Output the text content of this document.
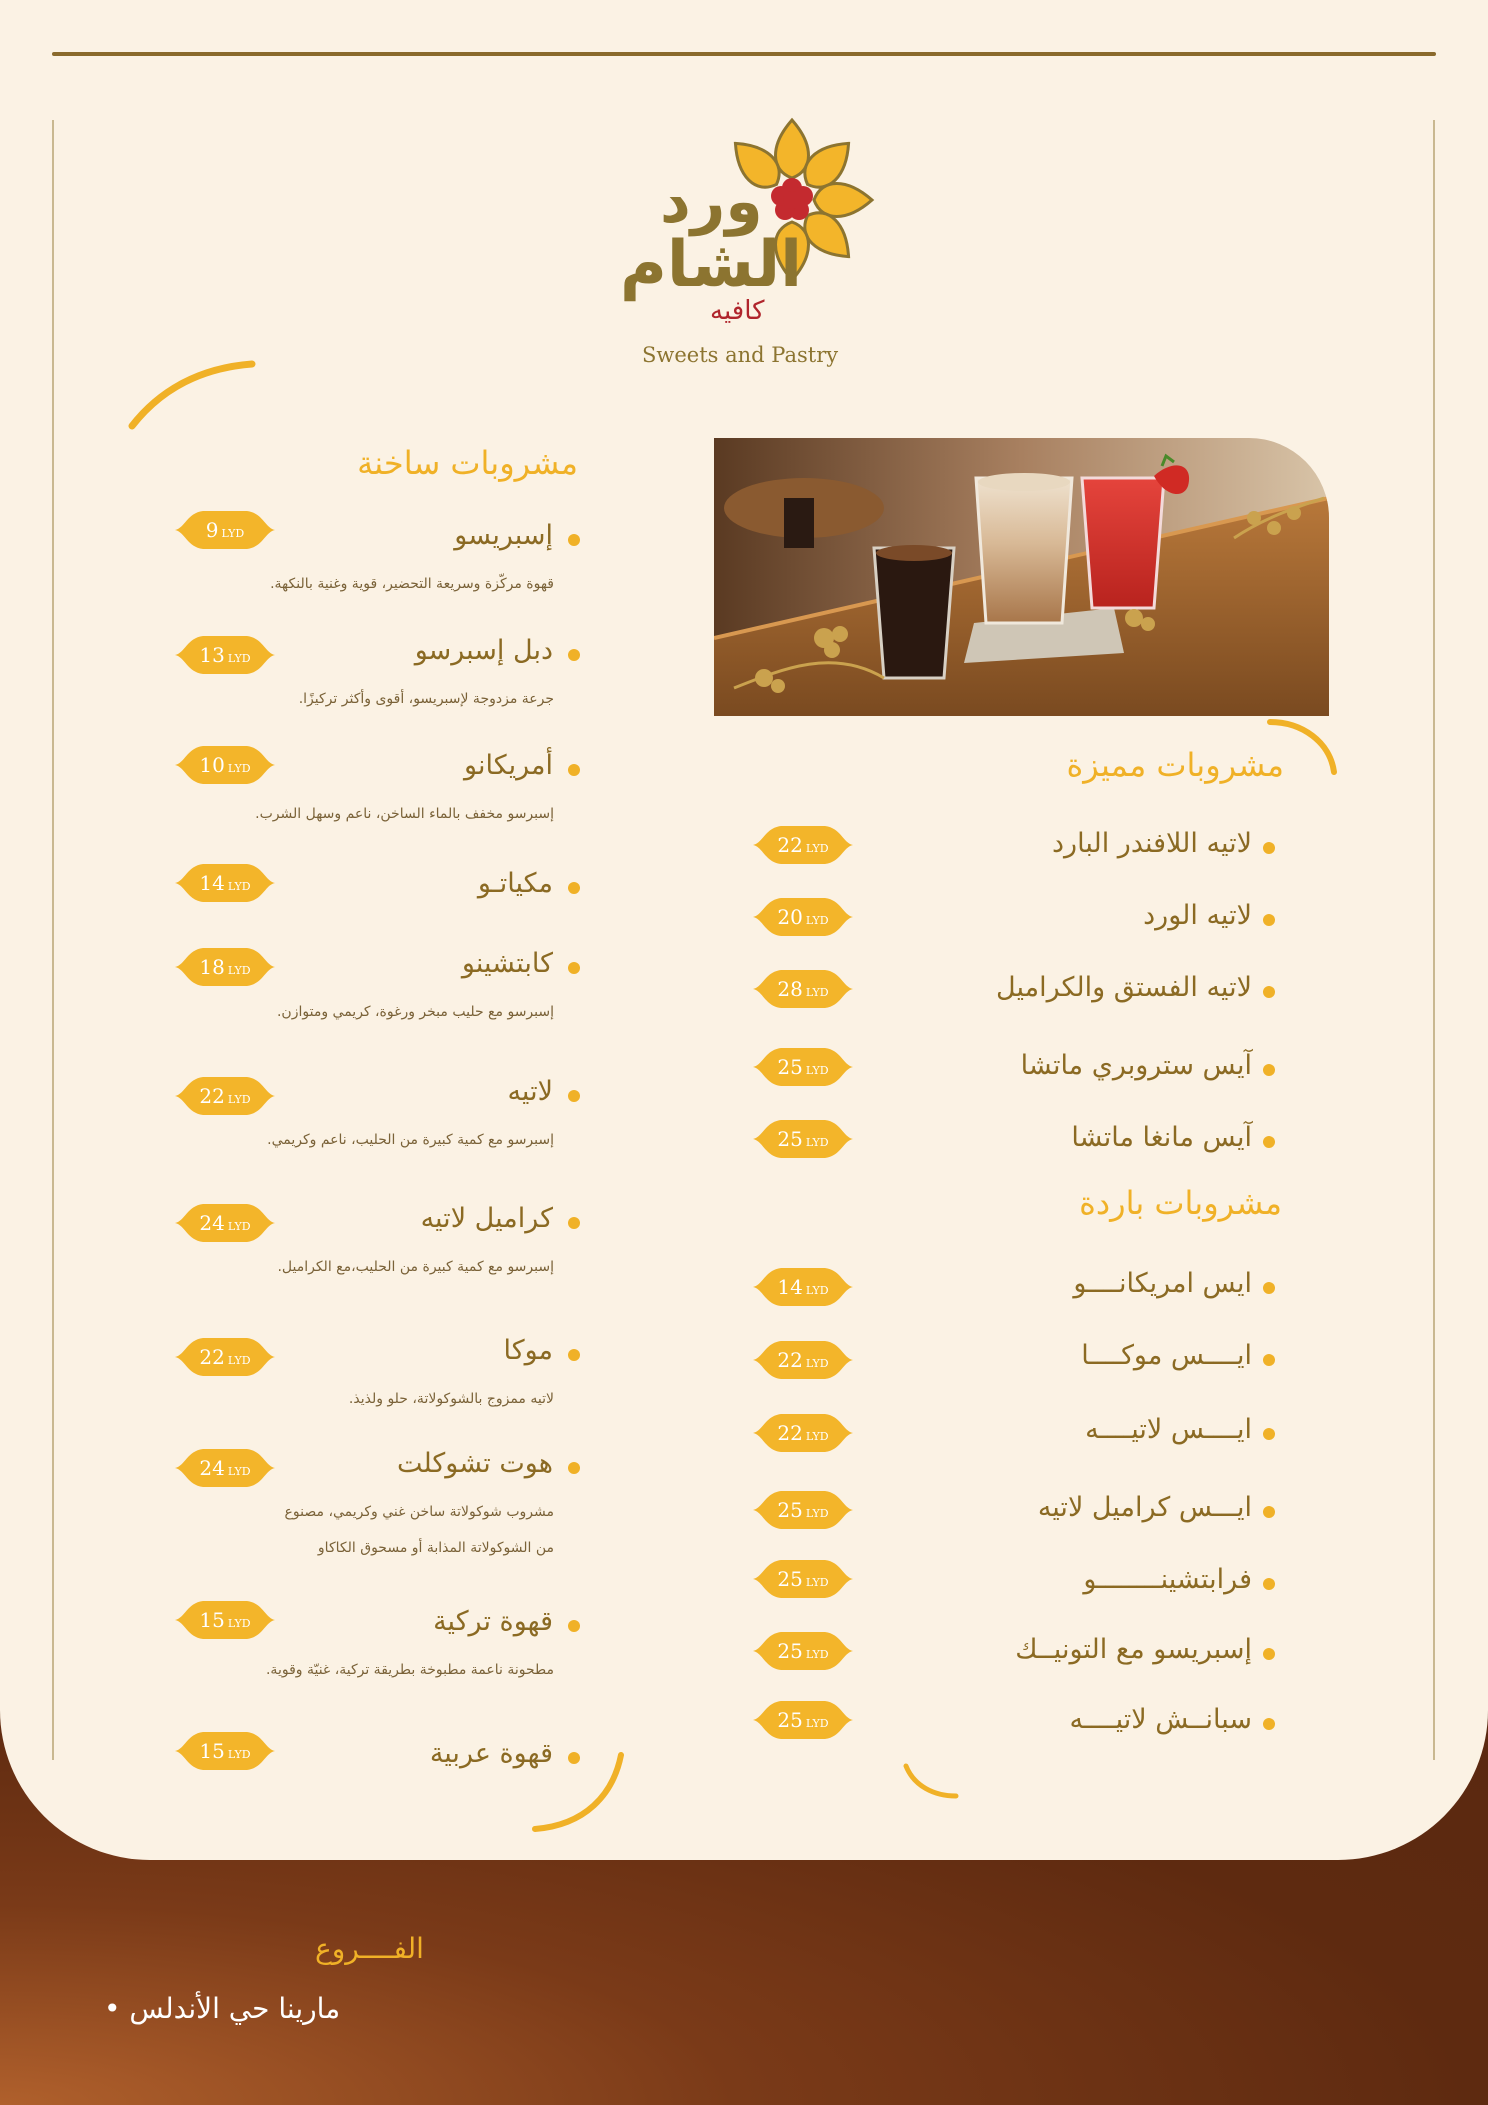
ورد
الشام
كافيه
Sweets and Pastry
مشروبات ساخنة
إسبريسو
9 LYD
قهوة مركّزة وسريعة التحضير، قوية وغنية بالنكهة.
دبل إسبرسو
13 LYD
جرعة مزدوجة لإسبريسو، أقوى وأكثر تركيزًا.
أمريكانو
10 LYD
إسبرسو مخفف بالماء الساخن، ناعم وسهل الشرب.
مكياتـو
14 LYD
كابتشينو
18 LYD
إسبرسو مع حليب مبخر ورغوة، كريمي ومتوازن.
لاتيه
22 LYD
إسبرسو مع كمية كبيرة من الحليب، ناعم وكريمي.
كراميل لاتيه
24 LYD
إسبرسو مع كمية كبيرة من الحليب،مع الكراميل.
موكا
22 LYD
لاتيه ممزوج بالشوكولاتة، حلو ولذيذ.
هوت تشوكلت
24 LYD
مشروب شوكولاتة ساخن غني وكريمي، مصنوع
من الشوكولاتة المذابة أو مسحوق الكاكاو
قهوة تركية
15 LYD
مطحونة ناعمة مطبوخة بطريقة تركية، غنيّة وقوية.
قهوة عربية
15 LYD
مشروبات مميزة
لاتيه اللافندر البارد
22 LYD
لاتيه الورد
20 LYD
لاتيه الفستق والكراميل
28 LYD
آيس ستروبري ماتشا
25 LYD
آيس مانغا ماتشا
25 LYD
مشروبات باردة
ايس امريكانــــو
14 LYD
ايــــس موكــــا
22 LYD
ايــــس لاتيــــه
22 LYD
ايـــس كراميل لاتيه
25 LYD
فرابتشينــــــــو
25 LYD
إسبريسو مع التونيــك
25 LYD
سبانــش لاتيــــه
25 LYD
الفــــروع
مارينا حي الأندلس •
